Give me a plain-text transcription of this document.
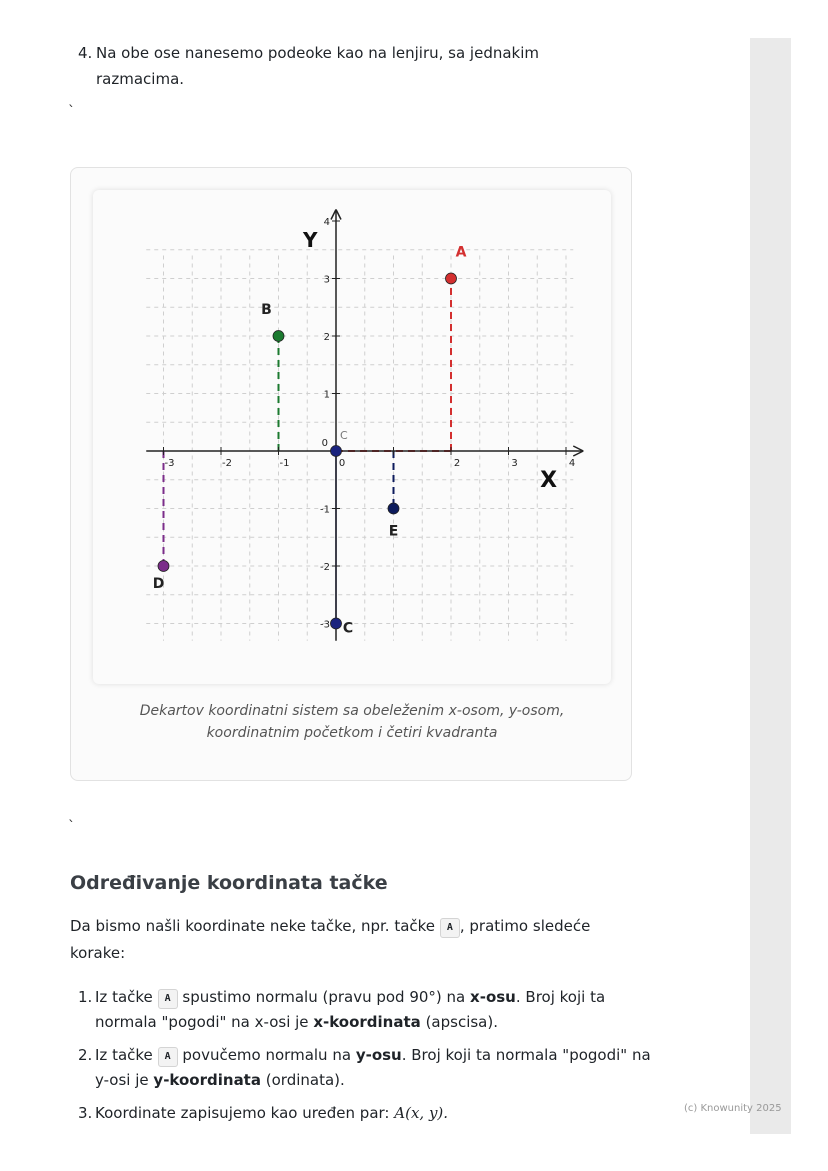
4. Na obe ose nanesemo podeoke kao na lenjiru, sa jednakim razmacima.
`
-3	-2	-1	0	2	3	4
-3
-2
-1
1
2
3
4
0
C
X
Y
A
B
C
D
E
Dekartov koordinatni sistem sa obeleženim x-osom, y-osom, koordinatnim početkom i četiri kvadranta
`
Određivanje koordinata tačke
Da bismo našli koordinate neke tačke, npr. tačke A , pratimo sledeće korake:
1. Iz tačke A spustimo normalu (pravu pod 90°) na x-osu. Broj koji ta normala "pogodi" na x-osi je x-koordinata (apscisa).
2. Iz tačke A povučemo normalu na y-osu. Broj koji ta normala "pogodi" na y-osi je y-koordinata (ordinata).
3. Koordinate zapisujemo kao uređen par: A(x, y).	(c) Knowunity 2025
